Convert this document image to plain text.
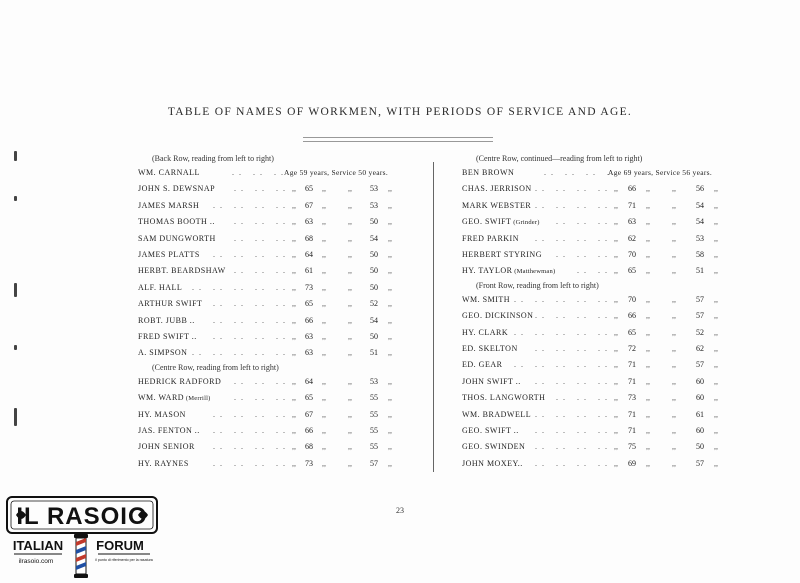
TABLE OF NAMES OF WORKMEN, WITH PERIODS OF SERVICE AND AGE.
(Back Row, reading from left to right)
WM. CARNALL	.. .. ..
Age 59 years, Service 50 years.
JOHN S. DEWSNAP .. .. .. ,, 65 ,,	,, 53 ,,
JAMES MARSH .. .. .. .. ,, 67 ,,	,, 53 ,,
THOMAS BOOTH .. .. .. .. ,, 63 ,,	,, 50 ,,
SAM DUNGWORTH .. .. .. ,, 68 ,,	,, 54 ,,
JAMES PLATTS .. .. .. .. ,, 64 ,,	,, 50 ,,
HERBT. BEARDSHAW .. .. .. ,, 61 ,,	,, 50 ,,
ALF. HALL .. .. .. .. .. ,, 73 ,,	,, 50 ,,
ARTHUR SWIFT .. .. .. .. ,, 65 ,,	,, 52 ,,
ROBT. JUBB .. .. .. .. .. ,, 66 ,,	,, 54 ,,
FRED SWIFT .. .. .. .. .. ,, 63 ,,	,, 50 ,,
A. SIMPSON .. .. .. .. .. ,, 63 ,,	,, 51 ,,
(Centre Row, reading from left to right)
HEDRICK RADFORD .. .. .. ,, 64 ,,	,, 53 ,,
WM. WARD (Merrill)	.. .. .. ,, 65 ,,	,, 55 ,,
HY. MASON	.. .. .. .. ,, 67 ,,	,, 55 ,,
JAS. FENTON .. .. .. .. .. ,, 66 ,,	,, 55 ,,
JOHN SENIOR .. .. .. .. ,, 68 ,,	,, 55 ,,
HY. RAYNES	.. .. .. .. ,, 73 ,,	,, 57 ,,
(Centre Row, continued—reading from left to right)
BEN BROWN	.. .. .. ..
Age 69 years, Service 56 years.
CHAS. JERRISON .. .. .. .. ,, 66 ,,	,,	56 ,,
MARK WEBSTER .. .. .. .. ,, 71 ,,	,,	54 ,,
GEO. SWIFT (Grinder) .. .. .. ,, 63 ,,	,,	54 ,,
FRED PARKIN .. .. .. .. ,, 62 ,,	,,	53 ,,
HERBERT STYRING .. .. .. ,, 70 ,,	,,	58 ,,
HY. TAYLOR (Matthewman)	.. .. ,, 65 ,,	,,	51 ,,
(Front Row, reading from left to right)
WM. SMITH .. .. .. .. .. ,, 70 ,,	,,	57 ,,
GEO. DICKINSON .. .. .. .. ,, 66 ,,	,,	57 ,,
HY. CLARK .. .. .. .. .. ,, 65 ,,	,,	52 ,,
ED. SKELTON .. .. .. .. ,, 72 ,,	,,	62 ,,
ED. GEAR .. .. .. .. .. ,, 71 ,,	,,	57 ,,
JOHN SWIFT .. .. .. .. .. ,, 71 ,,	,,	60 ,,
THOS. LANGWORTH .. .. .. ,, 73 ,,	,,	60 ,,
WM. BRADWELL .. .. .. .. ,, 71 ,,	,,	61 ,,
GEO. SWIFT .. .. .. .. .. ,, 71 ,,	,,	60 ,,
GEO. SWINDEN .. .. .. .. ,, 75 ,,	,,	50 ,,
JOHN MOXEY.. .. .. .. .. ,, 69 ,,	,,	57 ,,
23
IL RASOIO
ITALIAN	FORUM
ilrasoio.com	il punto di riferimento per la rasatura
